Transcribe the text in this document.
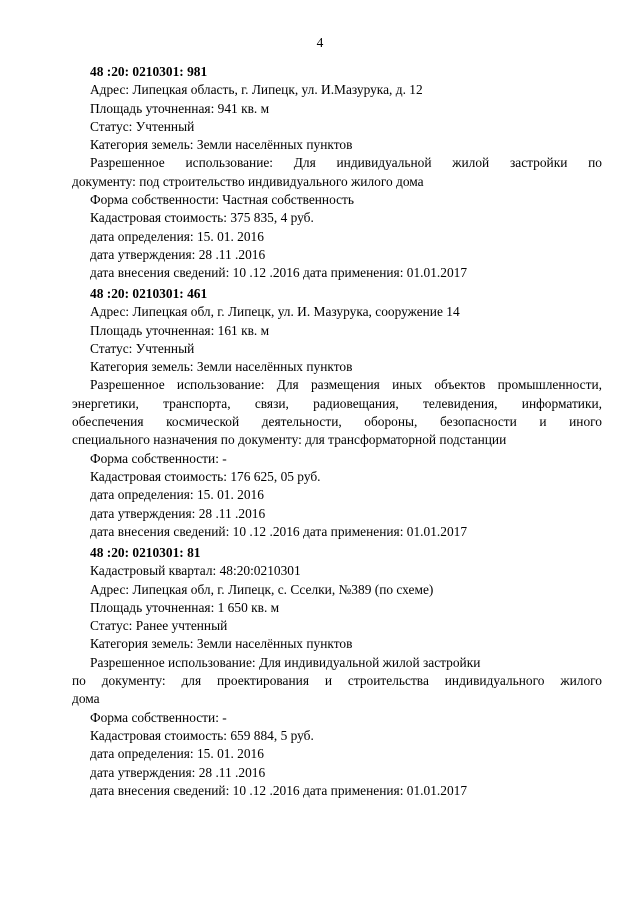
4
48 :20: 0210301: 981
Адрес: Липецкая область, г. Липецк, ул. И.Мазурука, д. 12
Площадь уточненная: 941 кв. м
Статус: Учтенный
Категория земель: Земли населённых пунктов
Разрешенное использование: Для индивидуальной жилой застройки по
документу: под строительство индивидуального жилого дома
Форма собственности: Частная собственность
Кадастровая стоимость: 375 835, 4 руб.
дата определения: 15. 01. 2016
дата утверждения: 28 .11 .2016
дата внесения сведений: 10 .12 .2016 дата применения: 01.01.2017
48 :20: 0210301: 461
Адрес: Липецкая обл, г. Липецк, ул. И. Мазурука, сооружение 14
Площадь уточненная: 161 кв. м
Статус: Учтенный
Категория земель: Земли населённых пунктов
Разрешенное использование: Для размещения иных объектов промышленности,
энергетики, транспорта, связи, радиовещания, телевидения, информатики,
обеспечения космической деятельности, обороны, безопасности и иного
специального назначения по документу: для трансформаторной подстанции
Форма собственности: -
Кадастровая стоимость: 176 625, 05 руб.
дата определения: 15. 01. 2016
дата утверждения: 28 .11 .2016
дата внесения сведений: 10 .12 .2016 дата применения: 01.01.2017
48 :20: 0210301: 81
Кадастровый квартал: 48:20:0210301
Адрес: Липецкая обл, г. Липецк, с. Сселки, №389 (по схеме)
Площадь уточненная: 1 650 кв. м
Статус: Ранее учтенный
Категория земель: Земли населённых пунктов
Разрешенное использование: Для индивидуальной жилой застройки
по документу: для проектирования и строительства индивидуального жилого
дома
Форма собственности: -
Кадастровая стоимость: 659 884, 5 руб.
дата определения: 15. 01. 2016
дата утверждения: 28 .11 .2016
дата внесения сведений: 10 .12 .2016 дата применения: 01.01.2017
